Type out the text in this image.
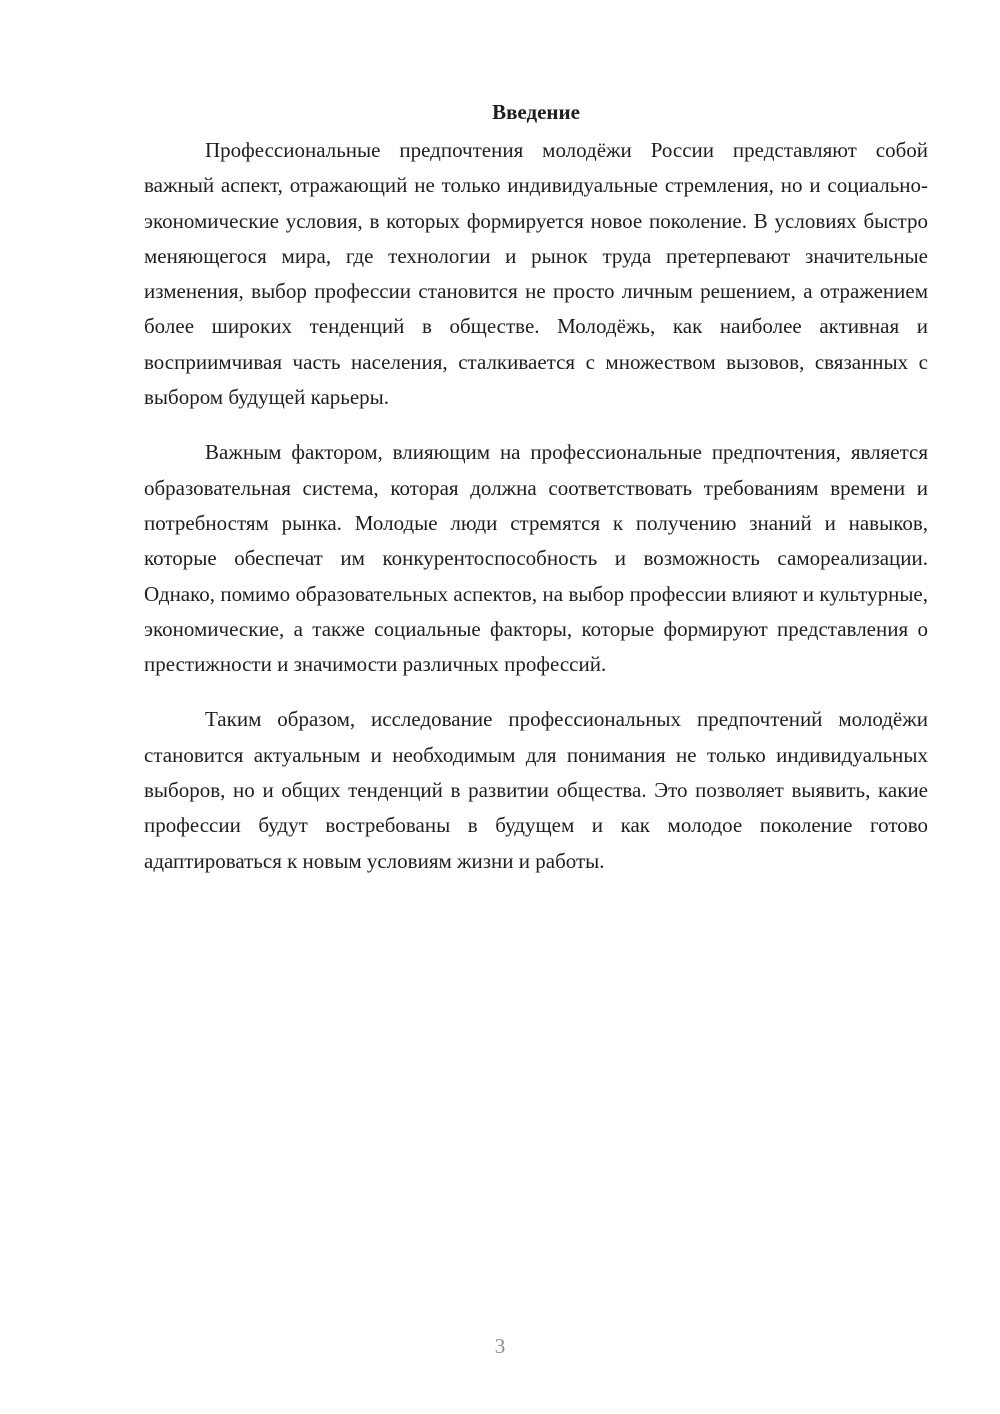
Введение

Профессиональные предпочтения молодёжи России представляют собой важный аспект, отражающий не только индивидуальные стремления, но и социально-экономические условия, в которых формируется новое поколение. В условиях быстро меняющегося мира, где технологии и рынок труда претерпевают значительные изменения, выбор профессии становится не просто личным решением, а отражением более широких тенденций в обществе. Молодёжь, как наиболее активная и восприимчивая часть населения, сталкивается с множеством вызовов, связанных с выбором будущей карьеры.

Важным фактором, влияющим на профессиональные предпочтения, является образовательная система, которая должна соответствовать требованиям времени и потребностям рынка. Молодые люди стремятся к получению знаний и навыков, которые обеспечат им конкурентоспособность и возможность самореализации. Однако, помимо образовательных аспектов, на выбор профессии влияют и культурные, экономические, а также социальные факторы, которые формируют представления о престижности и значимости различных профессий.

Таким образом, исследование профессиональных предпочтений молодёжи становится актуальным и необходимым для понимания не только индивидуальных выборов, но и общих тенденций в развитии общества. Это позволяет выявить, какие профессии будут востребованы в будущем и как молодое поколение готово адаптироваться к новым условиям жизни и работы.

3
